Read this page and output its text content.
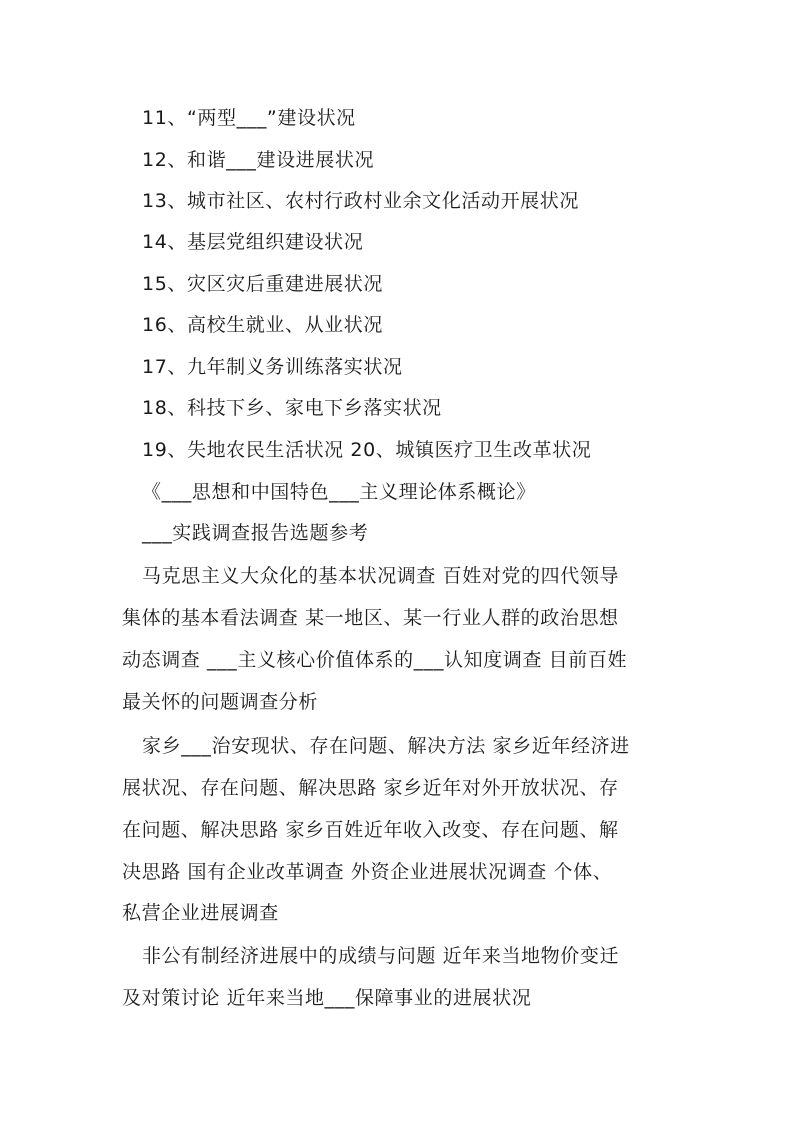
11、“两型___”建设状况
12、和谐___建设进展状况
13、城市社区、农村行政村业余文化活动开展状况
14、基层党组织建设状况
15、灾区灾后重建进展状况
16、高校生就业、从业状况
17、九年制义务训练落实状况
18、科技下乡、家电下乡落实状况
19、失地农民生活状况 20、城镇医疗卫生改革状况
《___思想和中国特色___主义理论体系概论》
___实践调查报告选题参考
马克思主义大众化的基本状况调查 百姓对党的四代领导
集体的基本看法调查 某一地区、某一行业人群的政治思想
动态调查 ___主义核心价值体系的___认知度调查 目前百姓
最关怀的问题调查分析
家乡___治安现状、存在问题、解决方法 家乡近年经济进
展状况、存在问题、解决思路 家乡近年对外开放状况、存
在问题、解决思路 家乡百姓近年收入改变、存在问题、解
决思路 国有企业改革调查 外资企业进展状况调查 个体、
私营企业进展调查
非公有制经济进展中的成绩与问题 近年来当地物价变迁
及对策讨论 近年来当地___保障事业的进展状况
